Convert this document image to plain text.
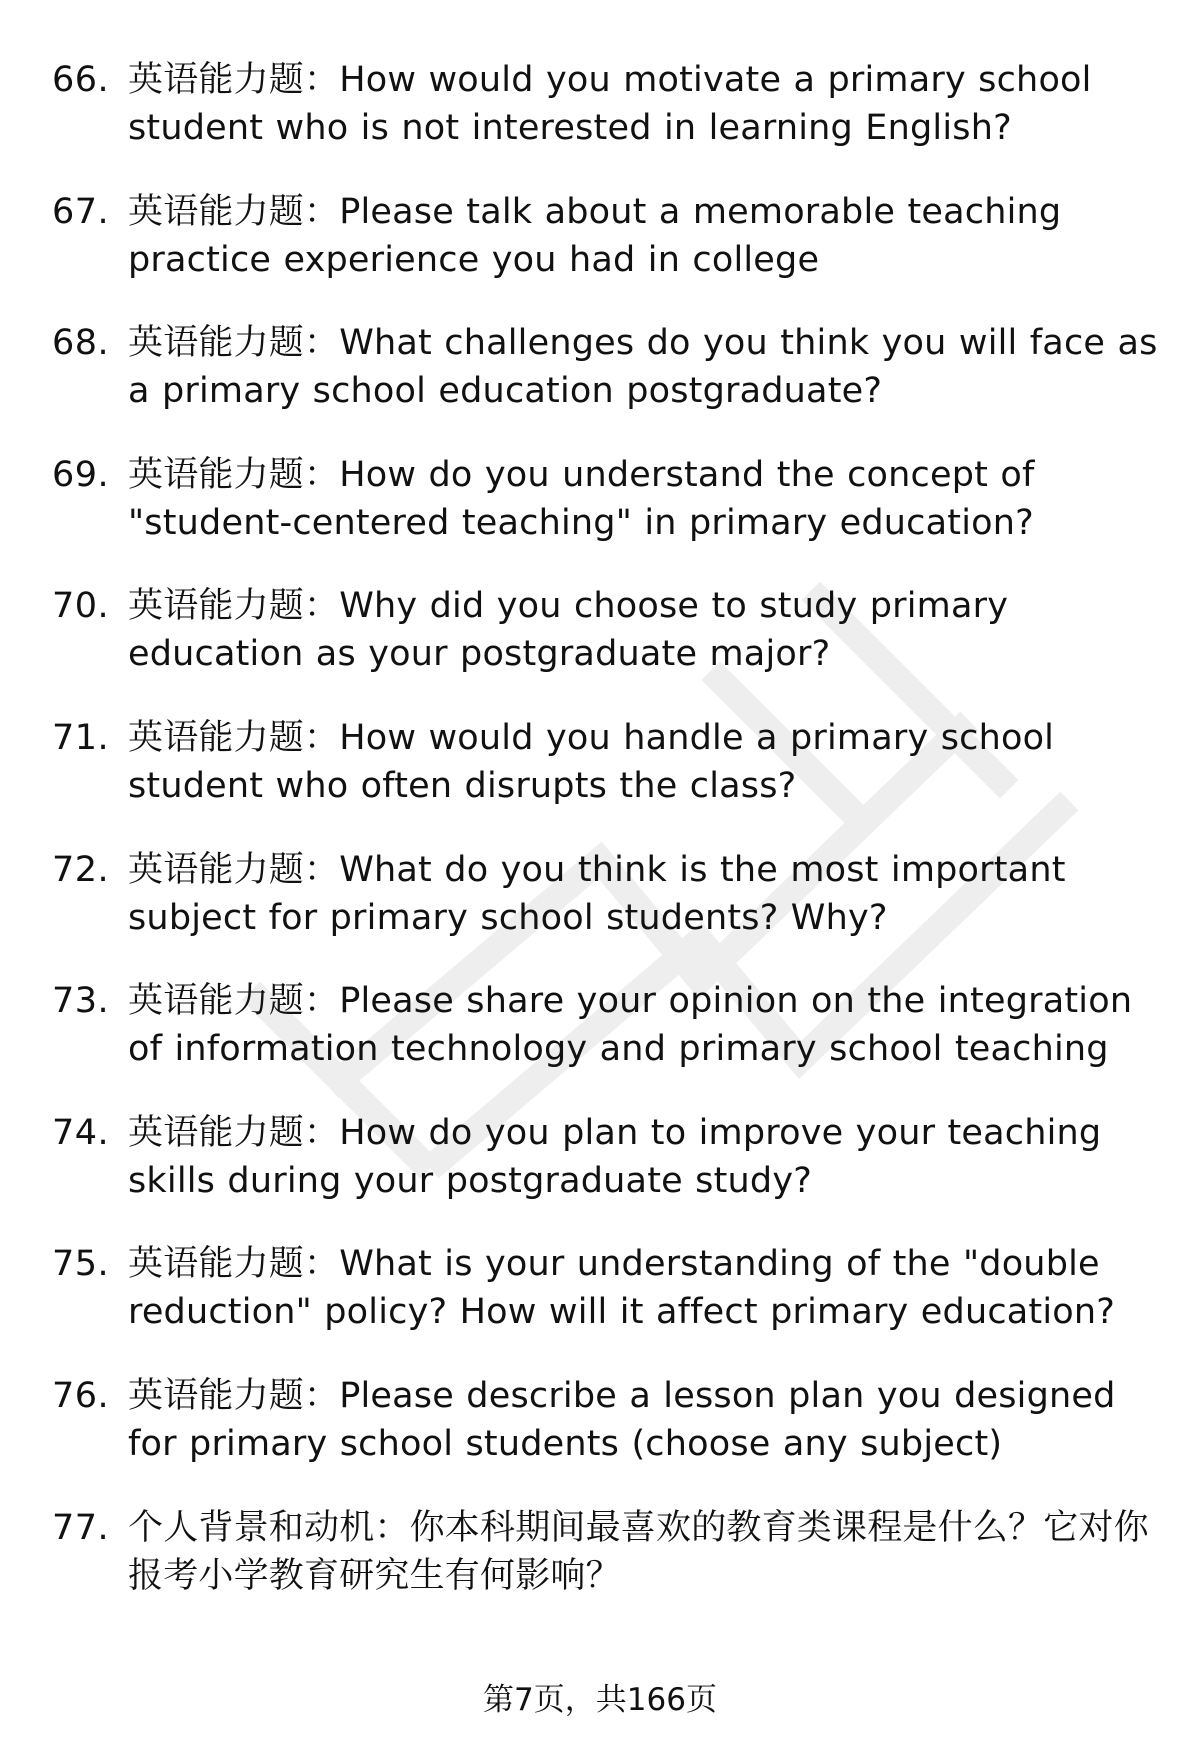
66. 英语能力题：How would you motivate a primary school student who is not interested in learning English?
67. 英语能力题：Please talk about a memorable teaching practice experience you had in college
68. 英语能力题：What challenges do you think you will face as a primary school education postgraduate?
69. 英语能力题：How do you understand the concept of "student-centered teaching" in primary education?
70. 英语能力题：Why did you choose to study primary education as your postgraduate major?
71. 英语能力题：How would you handle a primary school student who often disrupts the class?
72. 英语能力题：What do you think is the most important subject for primary school students? Why?
73. 英语能力题：Please share your opinion on the integration of information technology and primary school teaching
74. 英语能力题：How do you plan to improve your teaching skills during your postgraduate study?
75. 英语能力题：What is your understanding of the "double reduction" policy? How will it affect primary education?
76. 英语能力题：Please describe a lesson plan you designed for primary school students (choose any subject)
77. 个人背景和动机：你本科期间最喜欢的教育类课程是什么？它对你报考小学教育研究生有何影响？
第7页，共166页
